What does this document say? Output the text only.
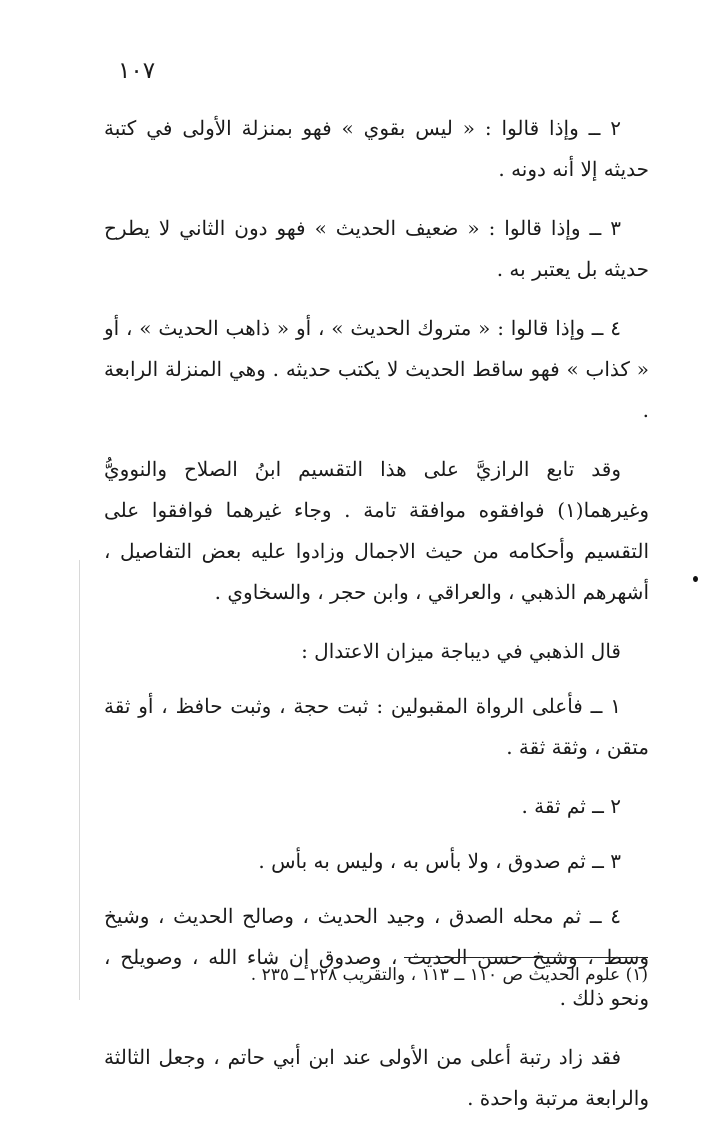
١٠٧

٢ ــ وإذا قالوا : « ليس بقوي » فهو بمنزلة الأولى في كتبة حديثه إلا أنه دونه .

٣ ــ وإذا قالوا : « ضعيف الحديث » فهو دون الثاني لا يطرح حديثه بل يعتبر به .

٤ ــ وإذا قالوا : « متروك الحديث » ، أو « ذاهب الحديث » ، أو « كذاب » فهو ساقط الحديث لا يكتب حديثه . وهي المنزلة الرابعة .

وقد تابع الرازيَّ على هذا التقسيم ابنُ الصلاح والنوويُّ وغيرهما(١) فوافقوه موافقة تامة . وجاء غيرهما فوافقوا على التقسيم وأحكامه من حيث الاجمال وزادوا عليه بعض التفاصيل ، أشهرهم الذهبي ، والعراقي ، وابن حجر ، والسخاوي .

قال الذهبي في ديباجة ميزان الاعتدال :

١ ــ فأعلى الرواة المقبولين : ثبت حجة ، وثبت حافظ ، أو ثقة متقن ، وثقة ثقة .

٢ ــ ثم ثقة .

٣ ــ ثم صدوق ، ولا بأس به ، وليس به بأس .

٤ ــ ثم محله الصدق ، وجيد الحديث ، وصالح الحديث ، وشيخ وسط ، وشيخ حسن الحديث ، وصدوق إن شاء الله ، وصويلح ، ونحو ذلك .

فقد زاد رتبة أعلى من الأولى عند ابن أبي حاتم ، وجعل الثالثة والرابعة مرتبة واحدة .

(١) علوم الحديث ص ١١٠ ــ ١١٣ ، والتقريب ٢٢٨ ــ ٢٣٥ .
